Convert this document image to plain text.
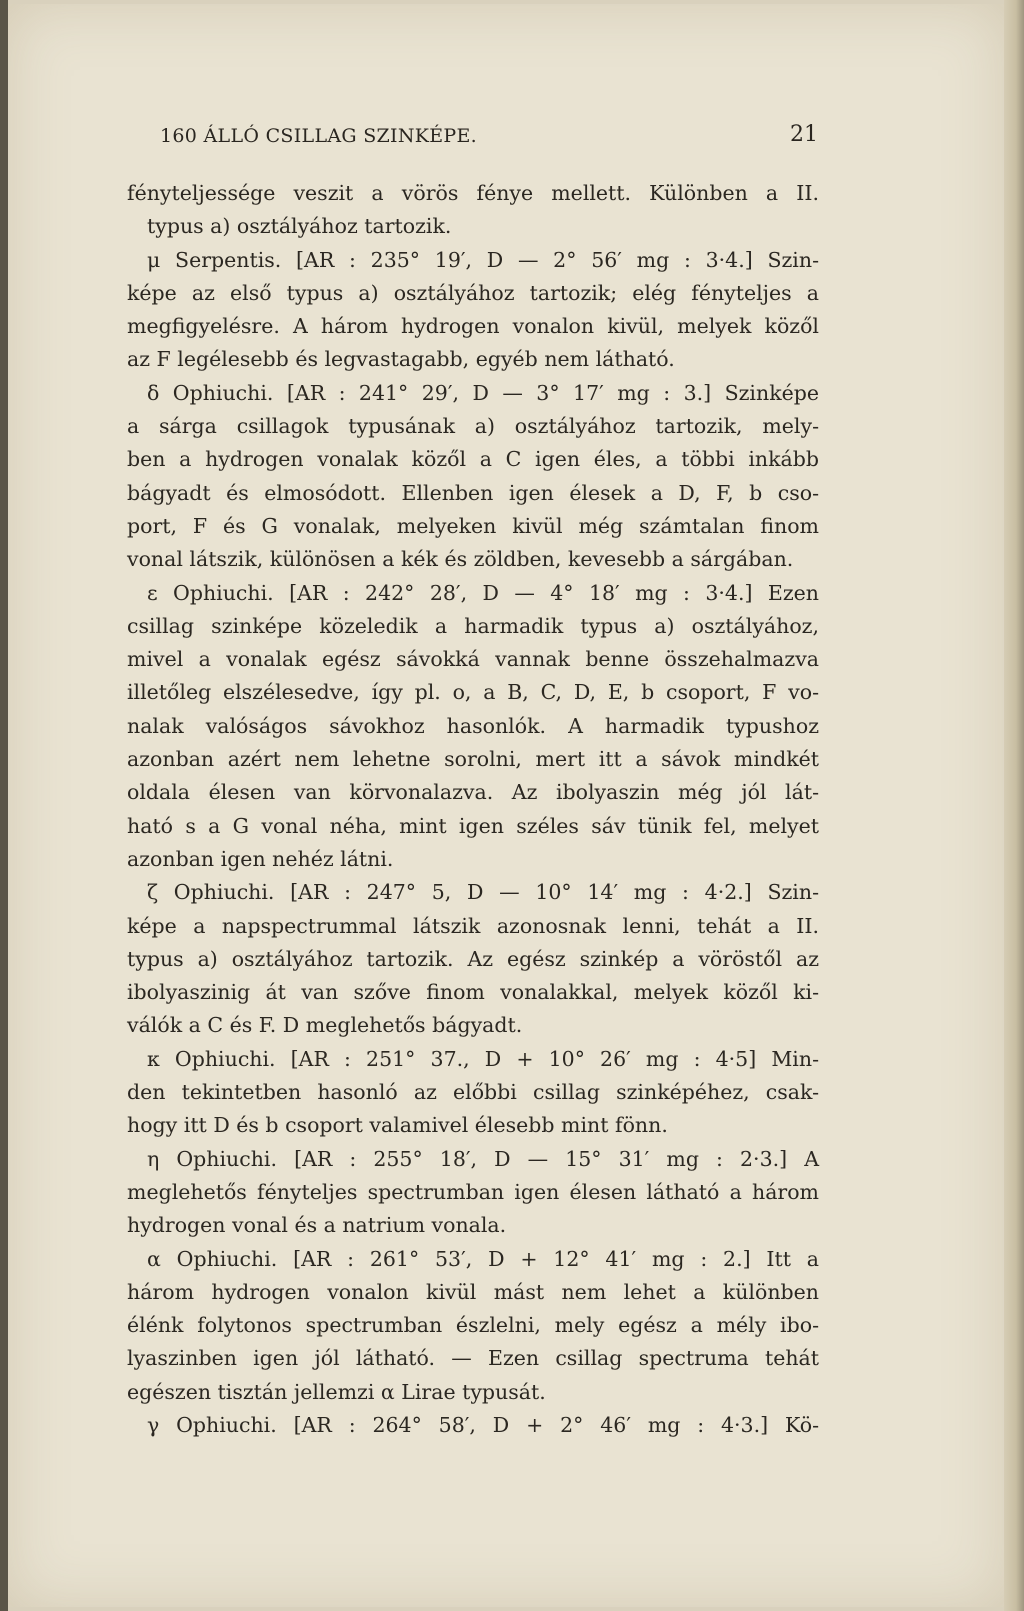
160 ÁLLÓ CSILLAG SZINKÉPE.	21
fényteljessége veszit a vörös fénye mellett. Különben a II.
typus a) osztályához tartozik.
μ Serpentis. [AR : 235° 19′, D — 2° 56′ mg : 3·4.] Szin-
képe az első typus a) osztályához tartozik; elég fényteljes a
megfigyelésre. A három hydrogen vonalon kivül, melyek közől
az F legélesebb és legvastagabb, egyéb nem látható.
δ Ophiuchi. [AR : 241° 29′, D — 3° 17′ mg : 3.] Szinképe
a sárga csillagok typusának a) osztályához tartozik, mely-
ben a hydrogen vonalak közől a C igen éles, a többi inkább
bágyadt és elmosódott. Ellenben igen élesek a D, F, b cso-
port, F és G vonalak, melyeken kivül még számtalan finom
vonal látszik, különösen a kék és zöldben, kevesebb a sárgában.
ε Ophiuchi. [AR : 242° 28′, D — 4° 18′ mg : 3·4.] Ezen
csillag szinképe közeledik a harmadik typus a) osztályához,
mivel a vonalak egész sávokká vannak benne összehalmazva
illetőleg elszélesedve, így pl. o, a B, C, D, E, b csoport, F vo-
nalak valóságos sávokhoz hasonlók. A harmadik typushoz
azonban azért nem lehetne sorolni, mert itt a sávok mindkét
oldala élesen van körvonalazva. Az ibolyaszin még jól lát-
ható s a G vonal néha, mint igen széles sáv tünik fel, melyet
azonban igen nehéz látni.
ζ Ophiuchi. [AR : 247° 5, D — 10° 14′ mg : 4·2.] Szin-
képe a napspectrummal látszik azonosnak lenni, tehát a II.
typus a) osztályához tartozik. Az egész szinkép a vöröstől az
ibolyaszinig át van szőve finom vonalakkal, melyek közől ki-
válók a C és F. D meglehetős bágyadt.
κ Ophiuchi. [AR : 251° 37., D + 10° 26′ mg : 4·5] Min-
den tekintetben hasonló az előbbi csillag szinképéhez, csak-
hogy itt D és b csoport valamivel élesebb mint fönn.
η Ophiuchi. [AR : 255° 18′, D — 15° 31′ mg : 2·3.] A
meglehetős fényteljes spectrumban igen élesen látható a három
hydrogen vonal és a natrium vonala.
α Ophiuchi. [AR : 261° 53′, D + 12° 41′ mg : 2.] Itt a
három hydrogen vonalon kivül mást nem lehet a különben
élénk folytonos spectrumban észlelni, mely egész a mély ibo-
lyaszinben igen jól látható. — Ezen csillag spectruma tehát
egészen tisztán jellemzi α Lirae typusát.
γ Ophiuchi. [AR : 264° 58′, D + 2° 46′ mg : 4·3.] Kö-
